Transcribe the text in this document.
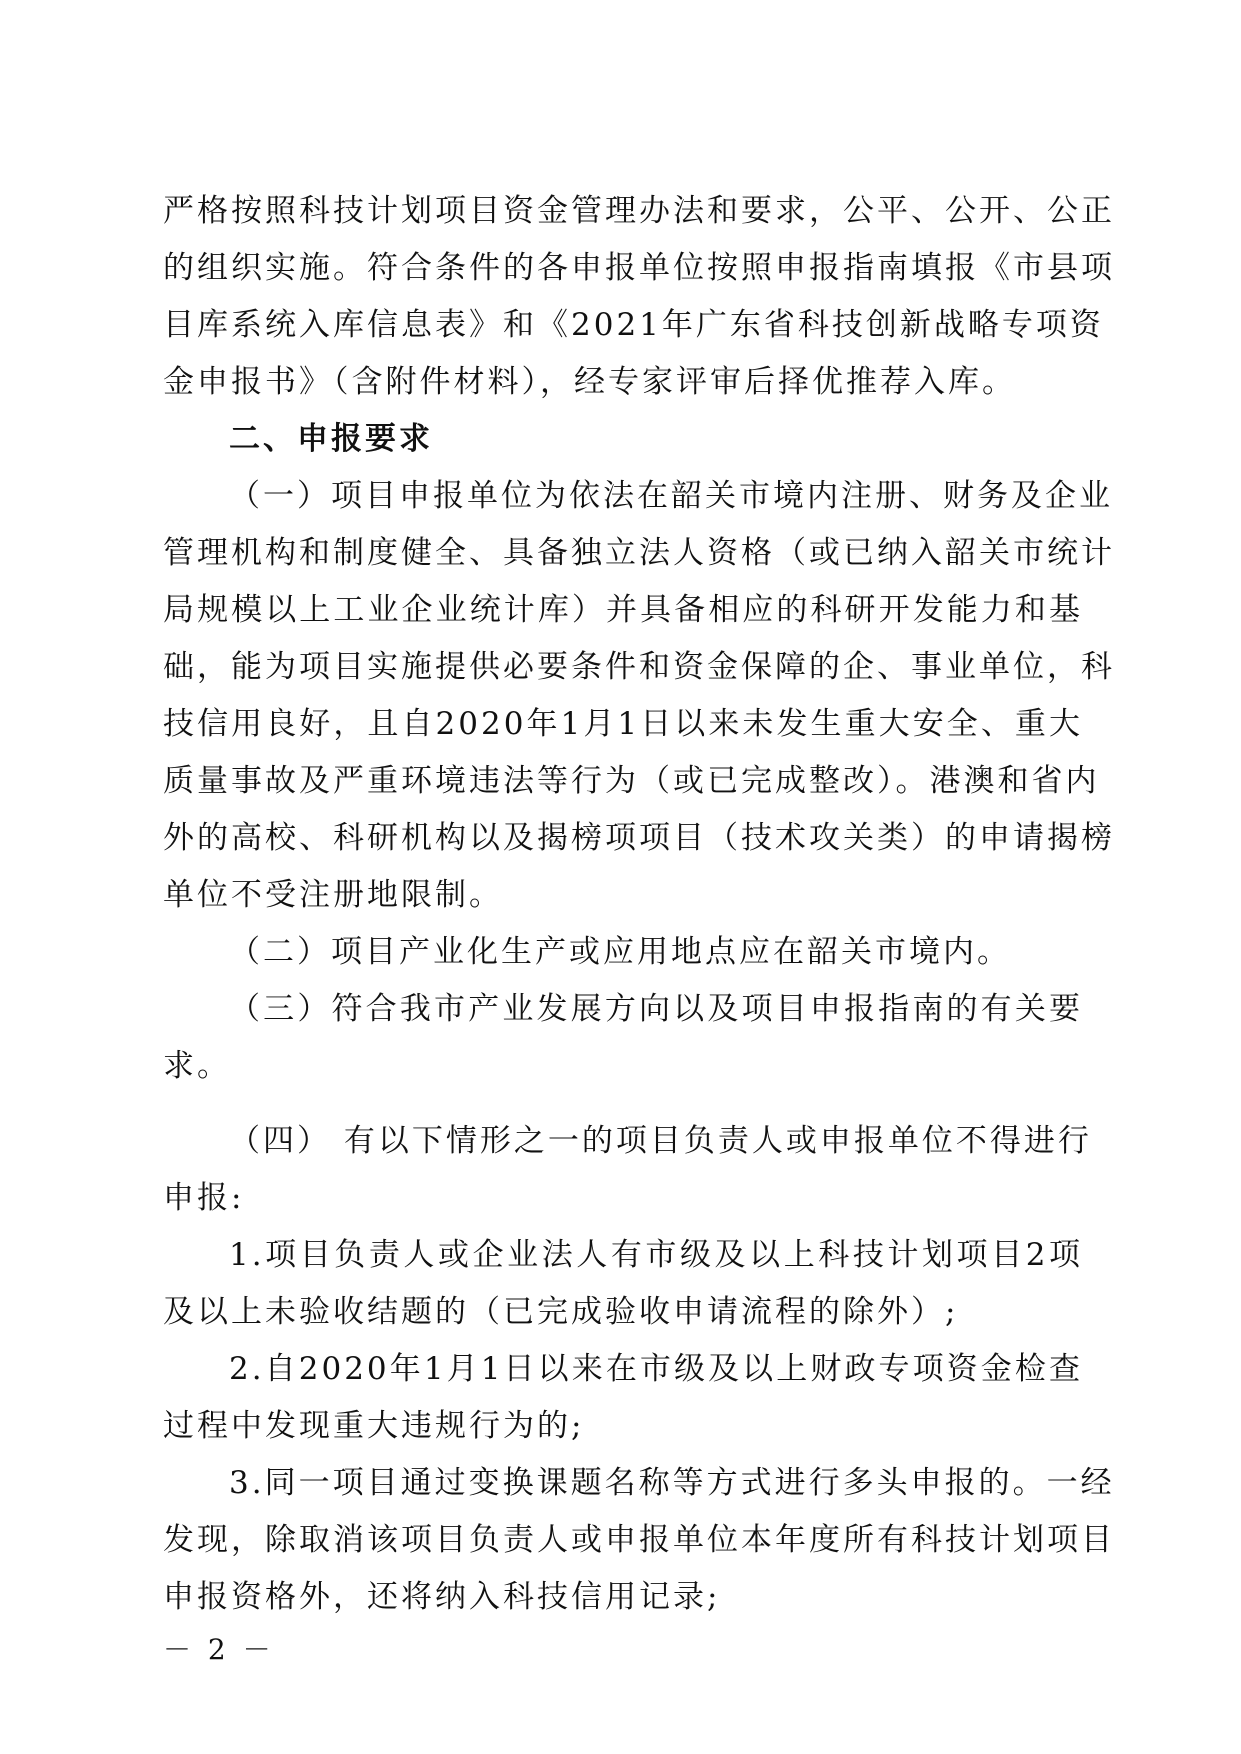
严格按照科技计划项目资金管理办法和要求，公平、公开、公正
的组织实施。符合条件的各申报单位按照申报指南填报《市县项
目库系统入库信息表》和《2021年广东省科技创新战略专项资
金申报书》（含附件材料），经专家评审后择优推荐入库。
二、申报要求
（一）项目申报单位为依法在韶关市境内注册、财务及企业
管理机构和制度健全、具备独立法人资格（或已纳入韶关市统计
局规模以上工业企业统计库）并具备相应的科研开发能力和基
础，能为项目实施提供必要条件和资金保障的企、事业单位，科
技信用良好，且自2020年1月1日以来未发生重大安全、重大
质量事故及严重环境违法等行为（或已完成整改）。港澳和省内
外的高校、科研机构以及揭榜项项目（技术攻关类）的申请揭榜
单位不受注册地限制。
（二）项目产业化生产或应用地点应在韶关市境内。
（三）符合我市产业发展方向以及项目申报指南的有关要
求。
（四） 有以下情形之一的项目负责人或申报单位不得进行
申报:
1.项目负责人或企业法人有市级及以上科技计划项目2项
及以上未验收结题的（已完成验收申请流程的除外）;
2.自2020年1月1日以来在市级及以上财政专项资金检查
过程中发现重大违规行为的;
3.同一项目通过变换课题名称等方式进行多头申报的。一经
发现，除取消该项目负责人或申报单位本年度所有科技计划项目
申报资格外，还将纳入科技信用记录;
－ 2 －
